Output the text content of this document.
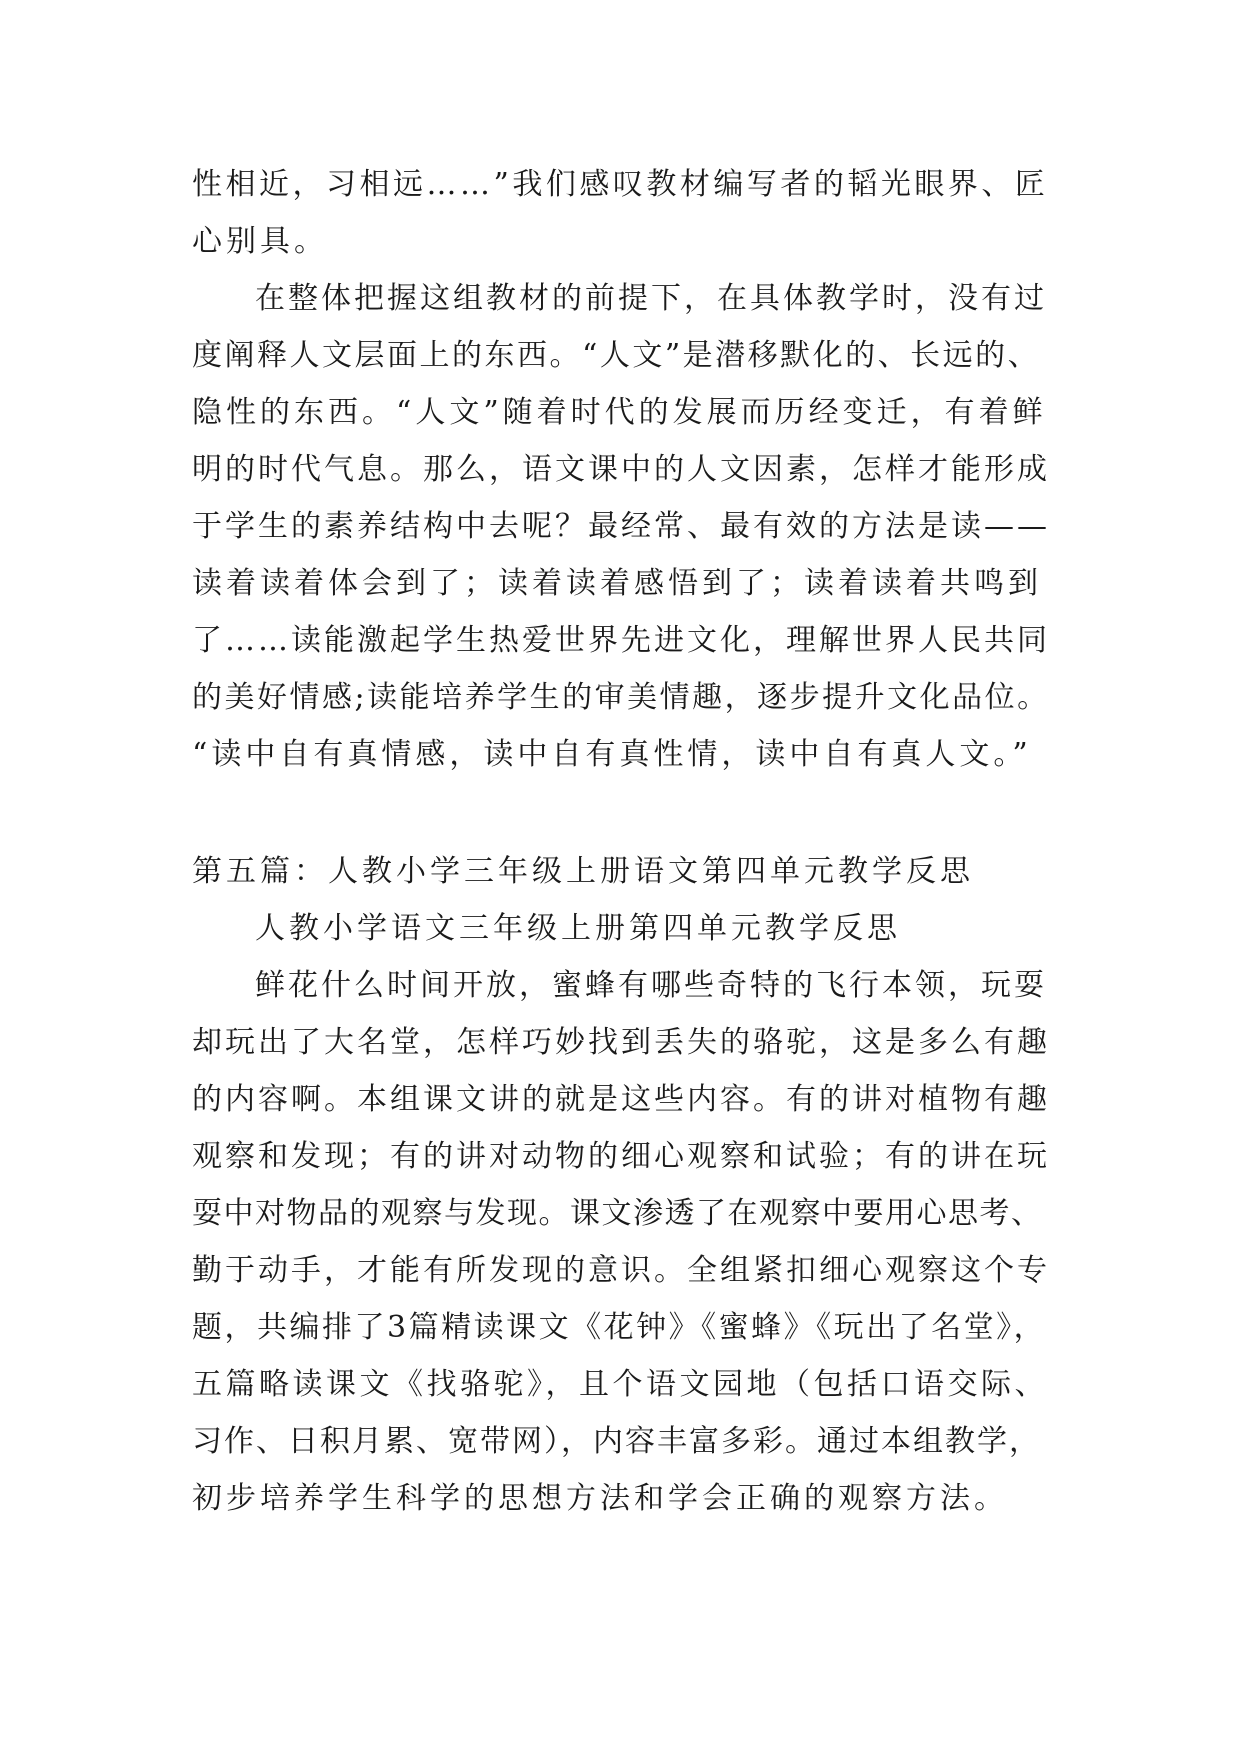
性相近，习相远……”我们感叹教材编写者的韬光眼界、匠
心别具。
在整体把握这组教材的前提下，在具体教学时，没有过
度阐释人文层面上的东西。“人文”是潜移默化的、长远的、
隐性的东西。“人文”随着时代的发展而历经变迁，有着鲜
明的时代气息。那么，语文课中的人文因素，怎样才能形成
于学生的素养结构中去呢？最经常、最有效的方法是读——
读着读着体会到了；读着读着感悟到了；读着读着共鸣到
了……读能激起学生热爱世界先进文化，理解世界人民共同
的美好情感;读能培养学生的审美情趣，逐步提升文化品位。
“读中自有真情感，读中自有真性情，读中自有真人文。”
第五篇：人教小学三年级上册语文第四单元教学反思
人教小学语文三年级上册第四单元教学反思
鲜花什么时间开放，蜜蜂有哪些奇特的飞行本领，玩耍
却玩出了大名堂，怎样巧妙找到丢失的骆驼，这是多么有趣
的内容啊。本组课文讲的就是这些内容。有的讲对植物有趣
观察和发现；有的讲对动物的细心观察和试验；有的讲在玩
耍中对物品的观察与发现。课文渗透了在观察中要用心思考、
勤于动手，才能有所发现的意识。全组紧扣细心观察这个专
题，共编排了3篇精读课文《花钟》《蜜蜂》《玩出了名堂》，
五篇略读课文《找骆驼》，且个语文园地（包括口语交际、
习作、日积月累、宽带网），内容丰富多彩。通过本组教学，
初步培养学生科学的思想方法和学会正确的观察方法。
